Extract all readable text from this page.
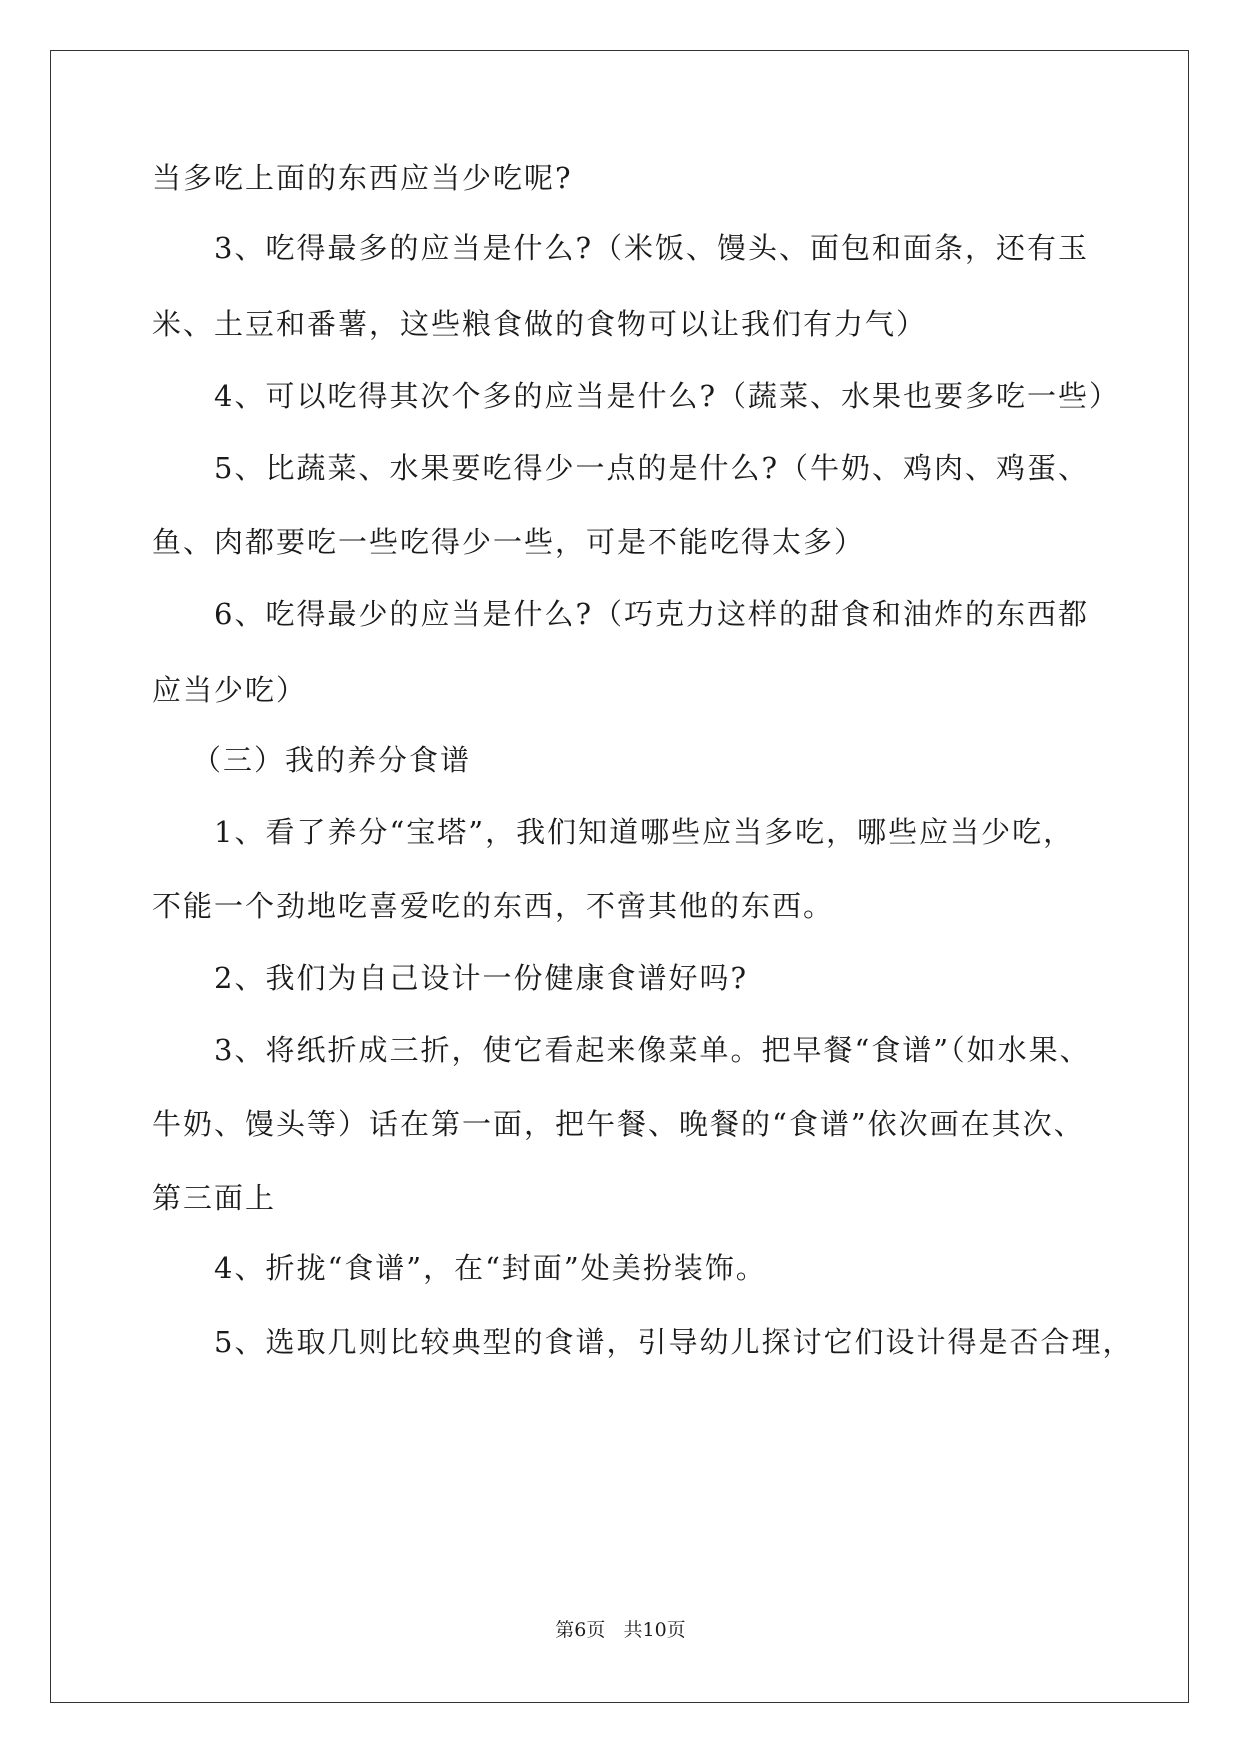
当多吃上面的东西应当少吃呢?
3、吃得最多的应当是什么?（米饭、馒头、面包和面条，还有玉
米、土豆和番薯，这些粮食做的食物可以让我们有力气）
4、可以吃得其次个多的应当是什么?（蔬菜、水果也要多吃一些）
5、比蔬菜、水果要吃得少一点的是什么?（牛奶、鸡肉、鸡蛋、
鱼、肉都要吃一些吃得少一些，可是不能吃得太多）
6、吃得最少的应当是什么?（巧克力这样的甜食和油炸的东西都
应当少吃）
（三）我的养分食谱
1、看了养分“宝塔”，我们知道哪些应当多吃，哪些应当少吃，
不能一个劲地吃喜爱吃的东西，不啻其他的东西。
2、我们为自己设计一份健康食谱好吗?
3、将纸折成三折，使它看起来像菜单。把早餐“食谱”（如水果、
牛奶、馒头等）话在第一面，把午餐、晚餐的“食谱”依次画在其次、
第三面上
4、折拢“食谱”，在“封面”处美扮装饰。
5、选取几则比较典型的食谱，引导幼儿探讨它们设计得是否合理，
第6页   共10页
